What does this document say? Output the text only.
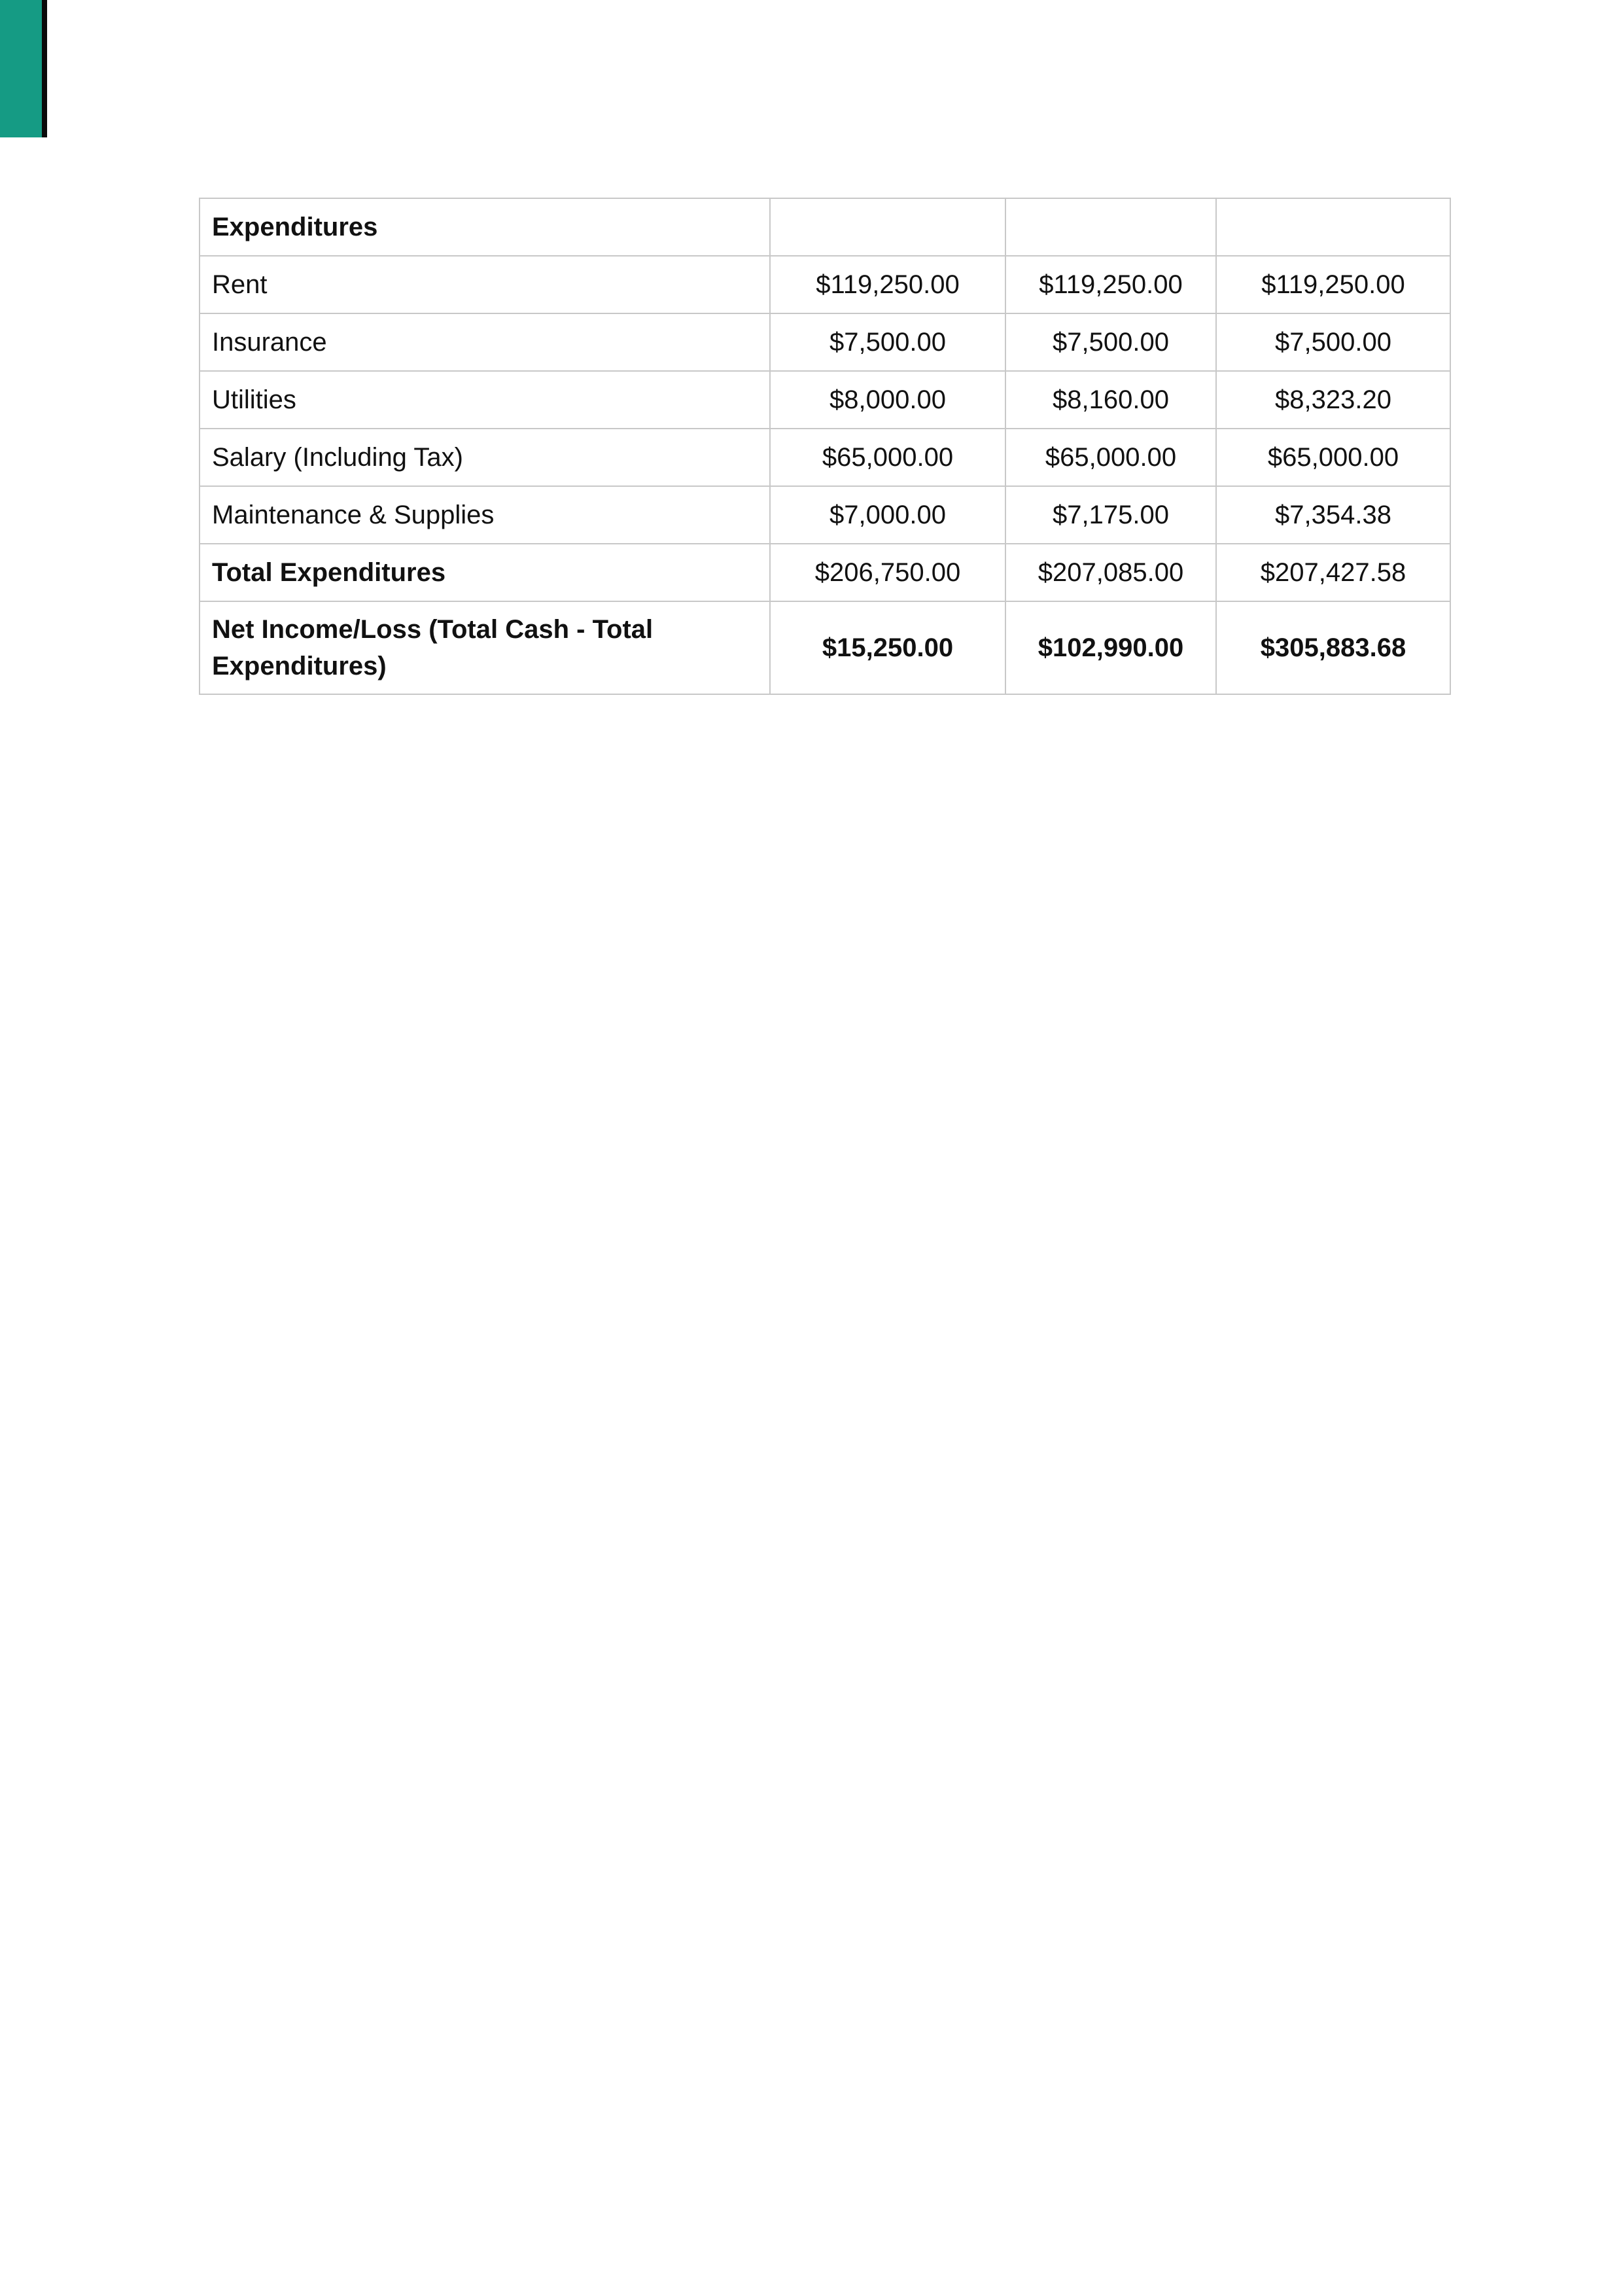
Expenditures			
Rent	$119,250.00	$119,250.00	$119,250.00
Insurance	$7,500.00	$7,500.00	$7,500.00
Utilities	$8,000.00	$8,160.00	$8,323.20
Salary (Including Tax)	$65,000.00	$65,000.00	$65,000.00
Maintenance & Supplies	$7,000.00	$7,175.00	$7,354.38
Total Expenditures	$206,750.00	$207,085.00	$207,427.58
Net Income/Loss (Total Cash - Total Expenditures)	$15,250.00	$102,990.00	$305,883.68
